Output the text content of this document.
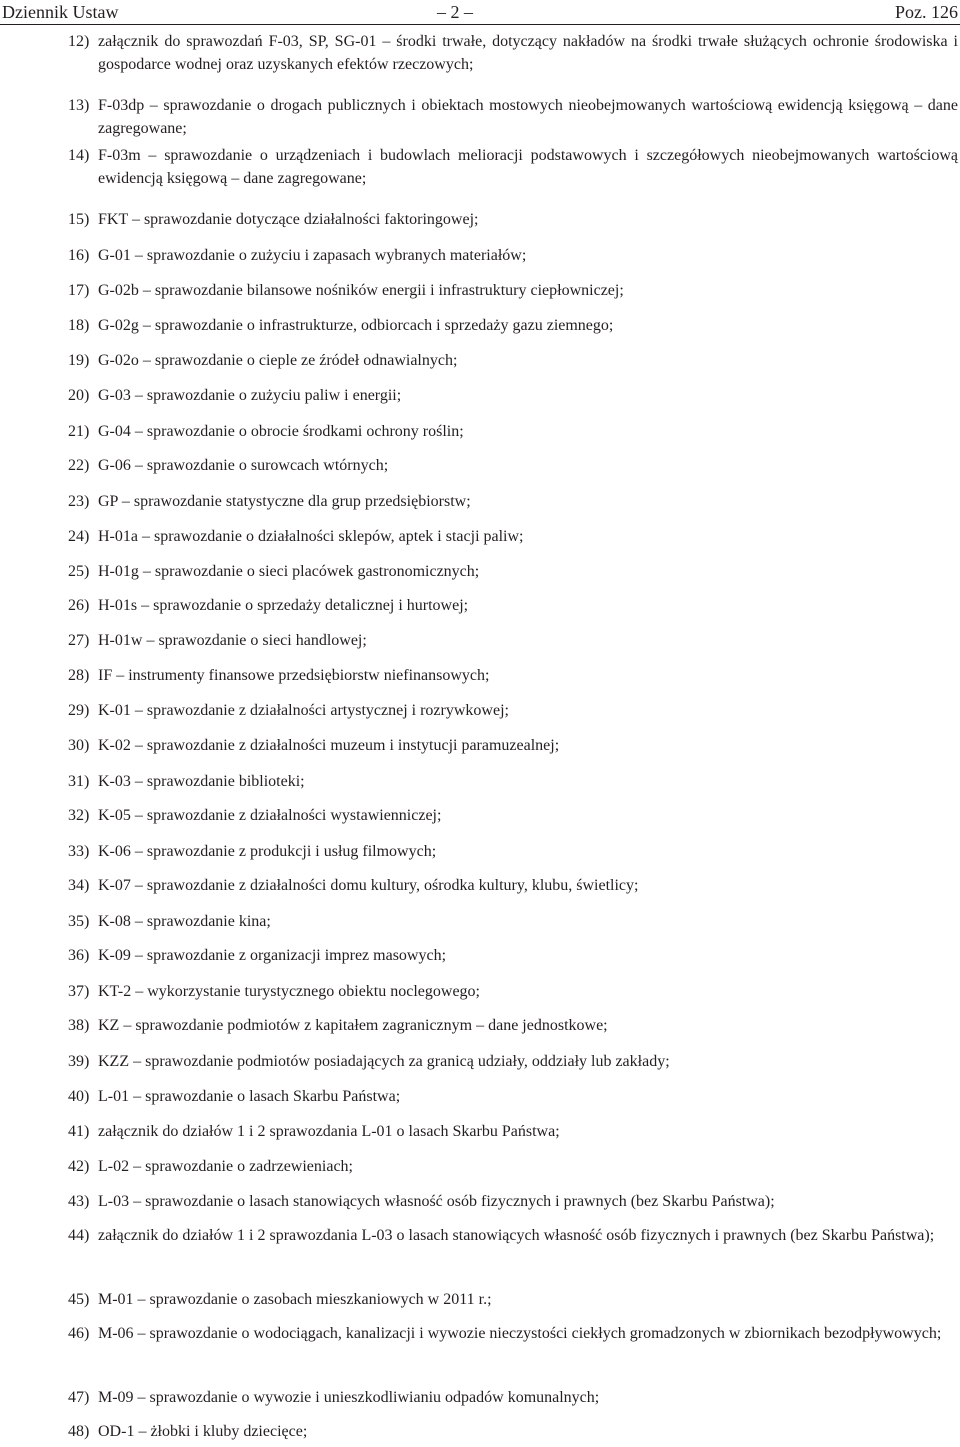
Dziennik Ustaw	– 2 –	Poz. 126
12) załącznik do sprawozdań F-03, SP, SG-01 – środki trwałe, dotyczący nakładów na środki trwałe służących ochronie środowiska i gospodarce wodnej oraz uzyskanych efektów rzeczowych;
13) F-03dp – sprawozdanie o drogach publicznych i obiektach mostowych nieobejmowanych wartościową ewidencją księgową – dane zagregowane;
14) F-03m – sprawozdanie o urządzeniach i budowlach melioracji podstawowych i szczegółowych nieobejmowanych wartościową ewidencją księgową – dane zagregowane;
15) FKT – sprawozdanie dotyczące działalności faktoringowej;
16) G-01 – sprawozdanie o zużyciu i zapasach wybranych materiałów;
17) G-02b – sprawozdanie bilansowe nośników energii i infrastruktury ciepłowniczej;
18) G-02g – sprawozdanie o infrastrukturze, odbiorcach i sprzedaży gazu ziemnego;
19) G-02o – sprawozdanie o cieple ze źródeł odnawialnych;
20) G-03 – sprawozdanie o zużyciu paliw i energii;
21) G-04 – sprawozdanie o obrocie środkami ochrony roślin;
22) G-06 – sprawozdanie o surowcach wtórnych;
23) GP – sprawozdanie statystyczne dla grup przedsiębiorstw;
24) H-01a – sprawozdanie o działalności sklepów, aptek i stacji paliw;
25) H-01g – sprawozdanie o sieci placówek gastronomicznych;
26) H-01s – sprawozdanie o sprzedaży detalicznej i hurtowej;
27) H-01w – sprawozdanie o sieci handlowej;
28) IF – instrumenty finansowe przedsiębiorstw niefinansowych;
29) K-01 – sprawozdanie z działalności artystycznej i rozrywkowej;
30) K-02 – sprawozdanie z działalności muzeum i instytucji paramuzealnej;
31) K-03 – sprawozdanie biblioteki;
32) K-05 – sprawozdanie z działalności wystawienniczej;
33) K-06 – sprawozdanie z produkcji i usług filmowych;
34) K-07 – sprawozdanie z działalności domu kultury, ośrodka kultury, klubu, świetlicy;
35) K-08 – sprawozdanie kina;
36) K-09 – sprawozdanie z organizacji imprez masowych;
37) KT-2 – wykorzystanie turystycznego obiektu noclegowego;
38) KZ – sprawozdanie podmiotów z kapitałem zagranicznym – dane jednostkowe;
39) KZZ – sprawozdanie podmiotów posiadających za granicą udziały, oddziały lub zakłady;
40) L-01 – sprawozdanie o lasach Skarbu Państwa;
41) załącznik do działów 1 i 2 sprawozdania L-01 o lasach Skarbu Państwa;
42) L-02 – sprawozdanie o zadrzewieniach;
43) L-03 – sprawozdanie o lasach stanowiących własność osób fizycznych i prawnych (bez Skarbu Państwa);
44) załącznik do działów 1 i 2 sprawozdania L-03 o lasach stanowiących własność osób fizycznych i prawnych (bez Skarbu Państwa);
45) M-01 – sprawozdanie o zasobach mieszkaniowych w 2011 r.;
46) M-06 – sprawozdanie o wodociągach, kanalizacji i wywozie nieczystości ciekłych gromadzonych w zbiornikach bezodpływowych;
47) M-09 – sprawozdanie o wywozie i unieszkodliwianiu odpadów komunalnych;
48) OD-1 – żłobki i kluby dziecięce;
